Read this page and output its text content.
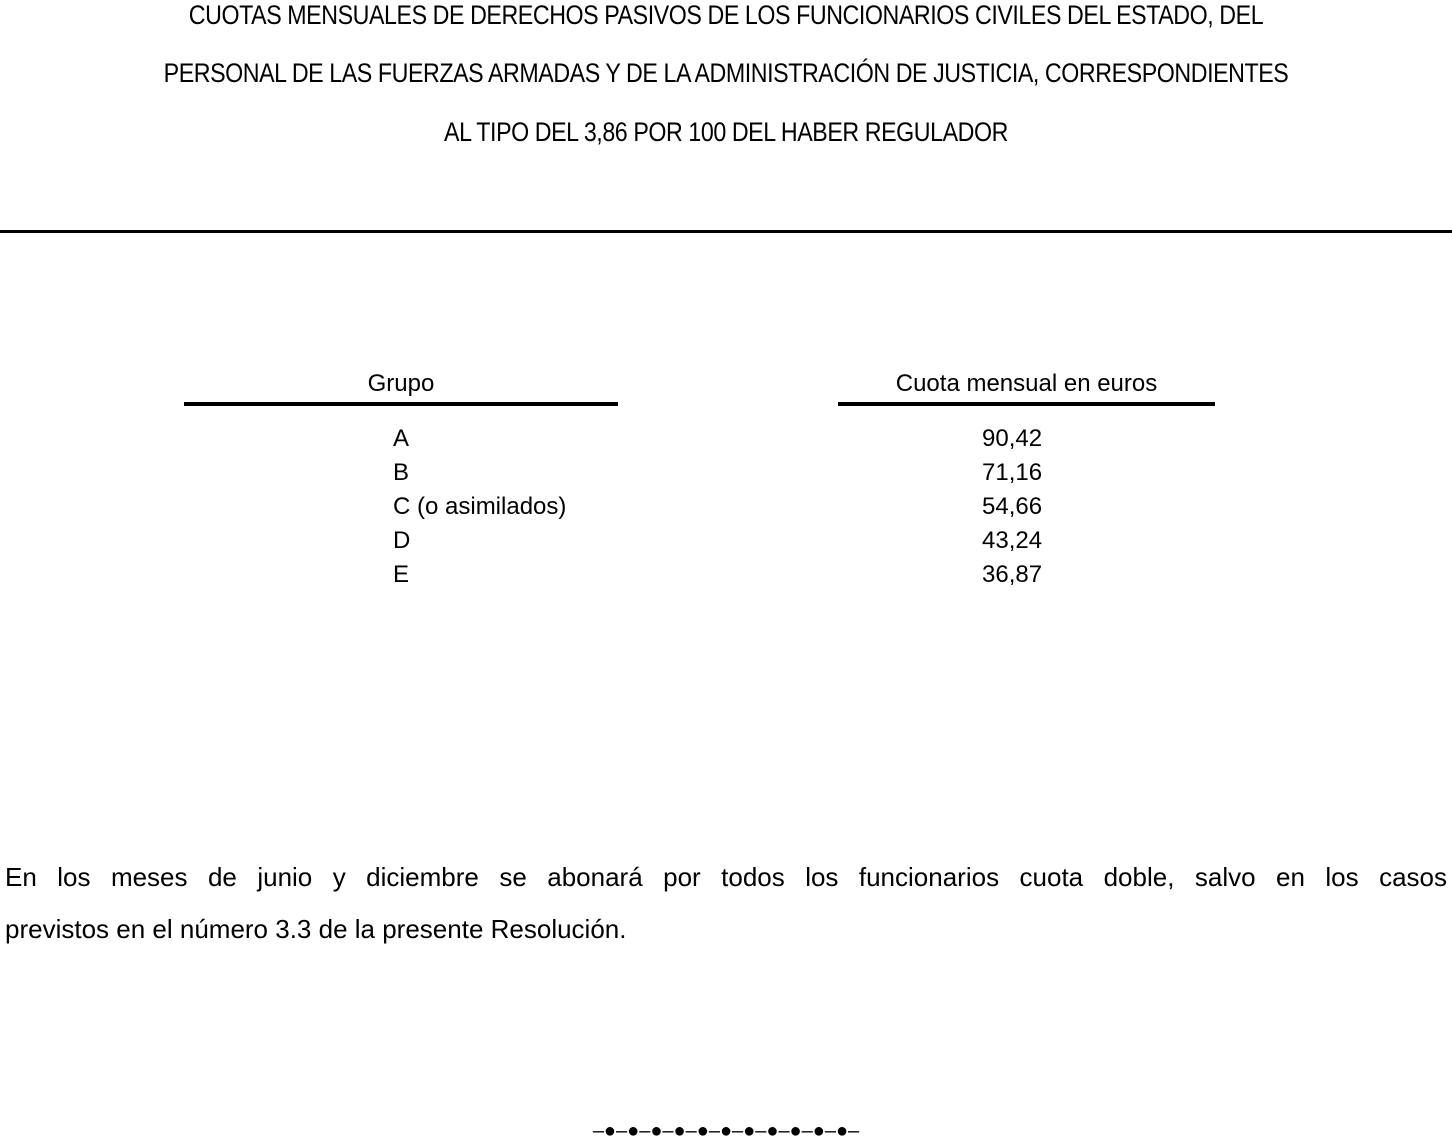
CUOTAS MENSUALES DE DERECHOS PASIVOS DE LOS FUNCIONARIOS CIVILES DEL ESTADO, DEL
PERSONAL DE LAS FUERZAS ARMADAS Y DE LA ADMINISTRACIÓN DE JUSTICIA, CORRESPONDIENTES
AL TIPO DEL 3,86 POR 100 DEL HABER REGULADOR
Grupo	Cuota mensual en euros
A	90,42
B	71,16
C (o asimilados)	54,66
D	43,24
E	36,87

En los meses de junio y diciembre se abonará por todos los funcionarios cuota doble, salvo en los casos
previstos en el número 3.3 de la presente Resolución.

–●–●–●–●–●–●–●–●–●–●–●–
